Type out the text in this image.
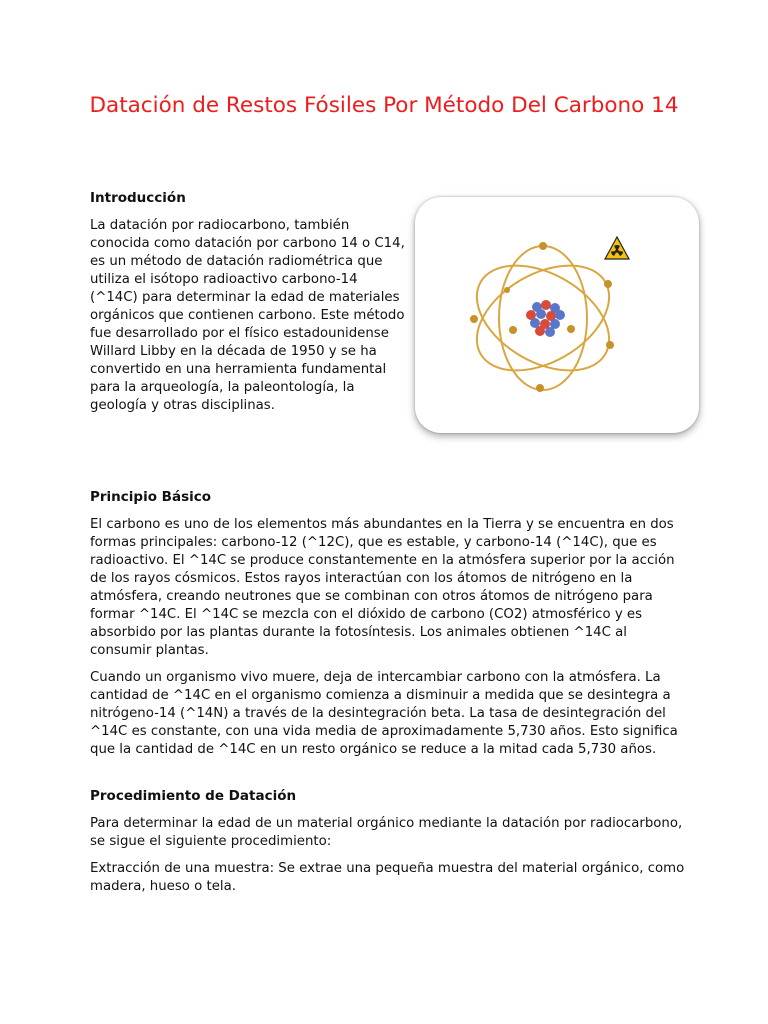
Datación de Restos Fósiles Por Método Del Carbono 14
Introducción

La datación por radiocarbono, también conocida como datación por carbono 14 o C14, es un método de datación radiométrica que utiliza el isótopo radioactivo carbono-14 (^14C) para determinar la edad de materiales orgánicos que contienen carbono. Este método fue desarrollado por el físico estadounidense Willard Libby en la década de 1950 y se ha convertido en una herramienta fundamental para la arqueología, la paleontología, la geología y otras disciplinas.

Principio Básico

El carbono es uno de los elementos más abundantes en la Tierra y se encuentra en dos formas principales: carbono-12 (^12C), que es estable, y carbono-14 (^14C), que es radioactivo. El ^14C se produce constantemente en la atmósfera superior por la acción de los rayos cósmicos. Estos rayos interactúan con los átomos de nitrógeno en la atmósfera, creando neutrones que se combinan con otros átomos de nitrógeno para formar ^14C. El ^14C se mezcla con el dióxido de carbono (CO2) atmosférico y es absorbido por las plantas durante la fotosíntesis. Los animales obtienen ^14C al consumir plantas.

Cuando un organismo vivo muere, deja de intercambiar carbono con la atmósfera. La cantidad de ^14C en el organismo comienza a disminuir a medida que se desintegra a nitrógeno-14 (^14N) a través de la desintegración beta. La tasa de desintegración del ^14C es constante, con una vida media de aproximadamente 5,730 años. Esto significa que la cantidad de ^14C en un resto orgánico se reduce a la mitad cada 5,730 años.

Procedimiento de Datación

Para determinar la edad de un material orgánico mediante la datación por radiocarbono, se sigue el siguiente procedimiento:

Extracción de una muestra: Se extrae una pequeña muestra del material orgánico, como madera, hueso o tela.
